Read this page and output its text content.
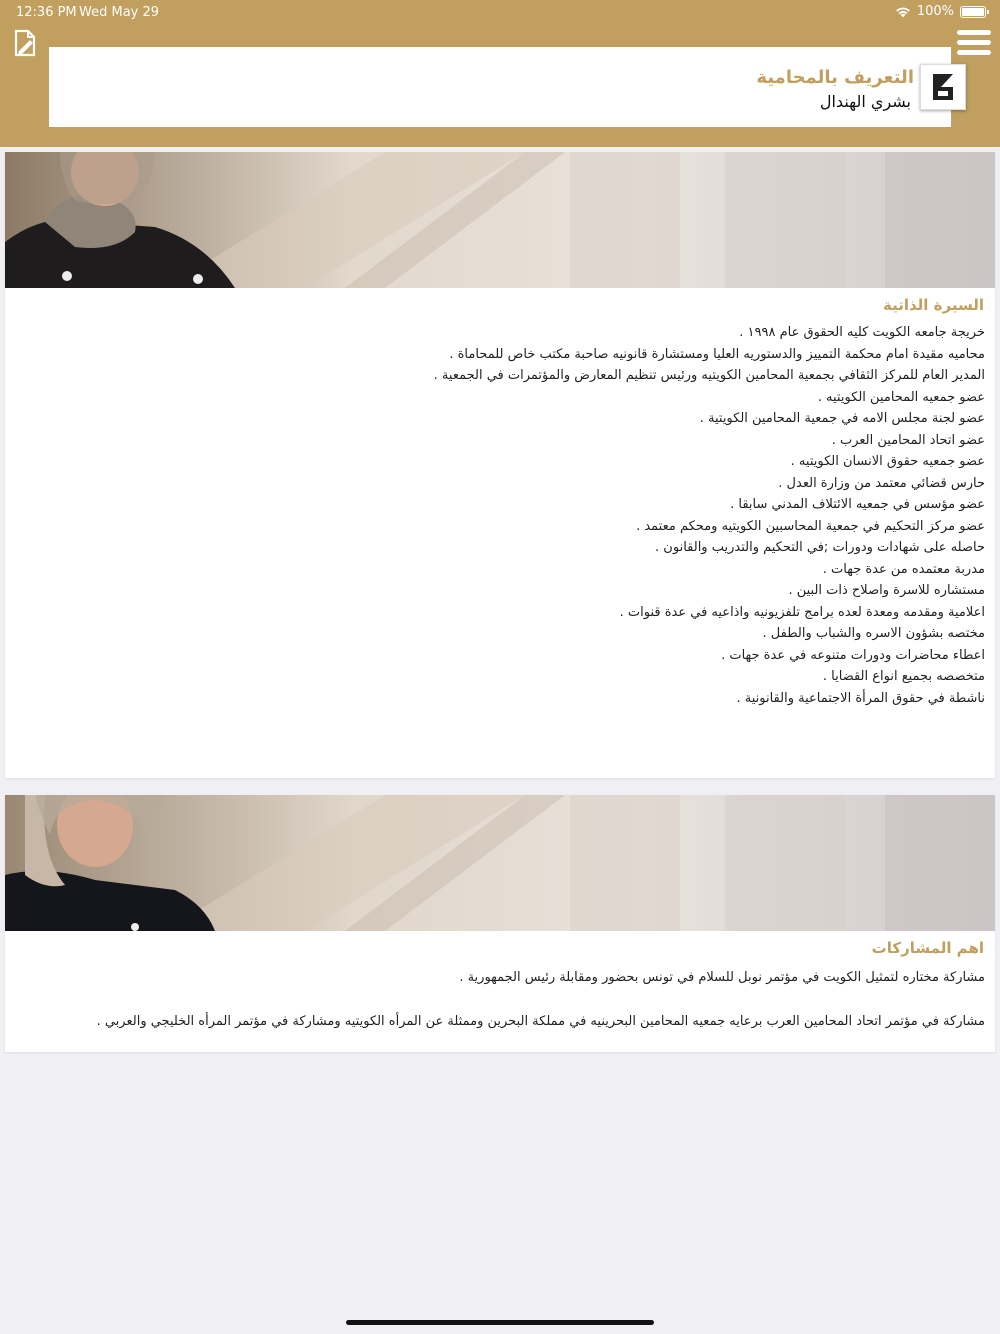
12:36 PM Wed May 29	100%
التعريف بالمحامية
بشري الهندال
السيرة الذاتية
خريجة جامعه الكويت كليه الحقوق عام ١٩٩٨ .
محاميه مقيدة امام محكمة التمييز والدستوريه العليا ومستشارة قانونيه صاحبة مكتب خاص للمحاماة .
المدير العام للمركز الثقافي بجمعية المحامين الكويتيه ورئيس تنظيم المعارض والمؤتمرات في الجمعية .
عضو جمعيه المحامين الكويتيه .
عضو لجنة مجلس الامه في جمعية المحامين الكويتية .
عضو اتحاد المحامين العرب .
عضو جمعيه حقوق الانسان الكويتيه .
حارس قضائي معتمد من وزارة العدل .
عضو مؤسس في جمعيه الائتلاف المدني سابقا .
عضو مركز التحكيم في جمعية المحاسبين الكويتيه ومحكم معتمد .
حاصله على شهادات ودورات ;في التحكيم والتدريب والقانون .
مدربة معتمده من عدة جهات .
مستشاره للاسرة واصلاح ذات البين .
اعلامية ومقدمه ومعدة لعده برامج تلفزيونيه واذاعيه في عدة قنوات .
مختصه بشؤون الاسره والشباب والطفل .
اعطاء محاضرات ودورات متنوعه في عدة جهات .
متخصصه بجميع انواع القضايا .
ناشطة في حقوق المرأة الاجتماعية والقانونية .
اهم المشاركات
مشاركة مختاره لتمثيل الكويت في مؤتمر نوبل للسلام في تونس بحضور ومقابلة رئيس الجمهورية .
مشاركة في مؤتمر اتحاد المحامين العرب برعايه جمعيه المحامين البحرينيه في مملكة البحرين وممثلة عن المرأه الكويتيه ومشاركة في مؤتمر المرأه الخليجي والعربي .
